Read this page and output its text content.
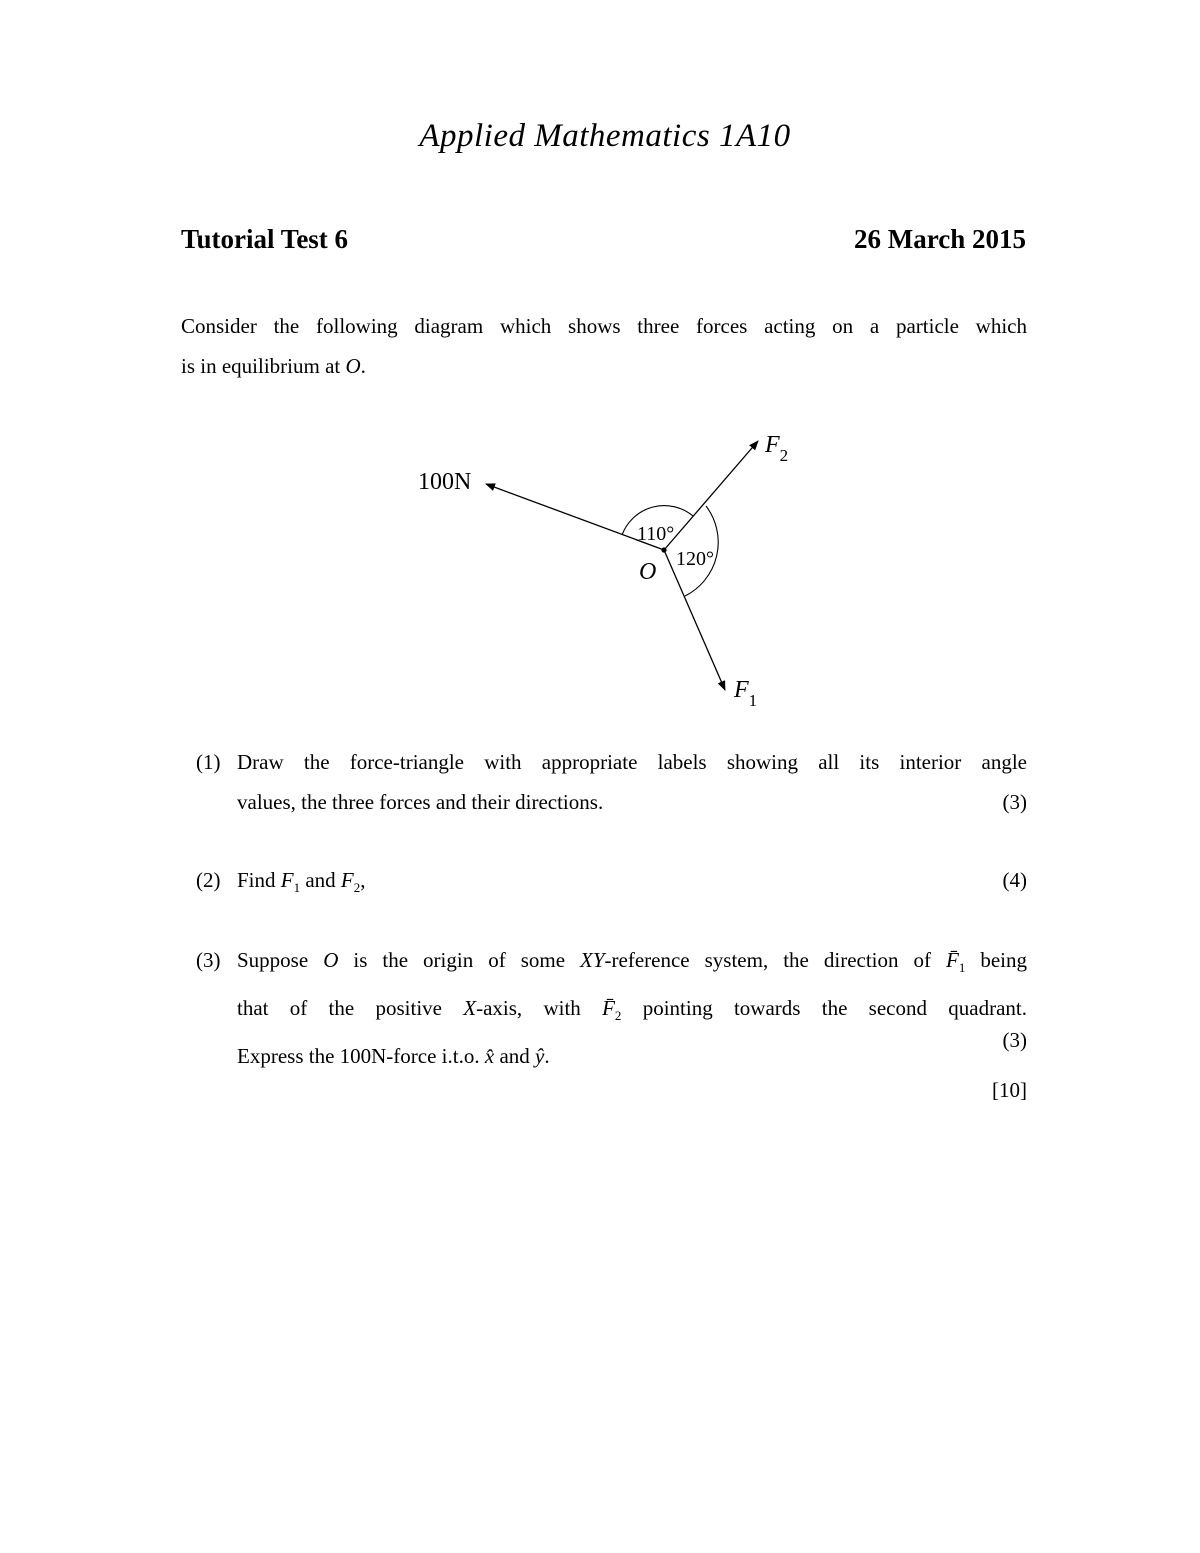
Applied Mathematics 1A10
Tutorial Test 6	26 March 2015
Consider the following diagram which shows three forces acting on a particle which
is in equilibrium at O.
100N
$F_2$
$F_1$
O
110°
120°
(1) Draw the force-triangle with appropriate labels showing all its interior angle
values, the three forces and their directions.	(3)
(2) Find $F_1$ and $F_2$,	(4)
(3) Suppose O is the origin of some XY-reference system, the direction of $F̄_1$ being
that of the positive X-axis, with $F̄_2$ pointing towards the second quadrant.
Express the 100N-force i.t.o. x̂ and ŷ.
(3)
[10]
